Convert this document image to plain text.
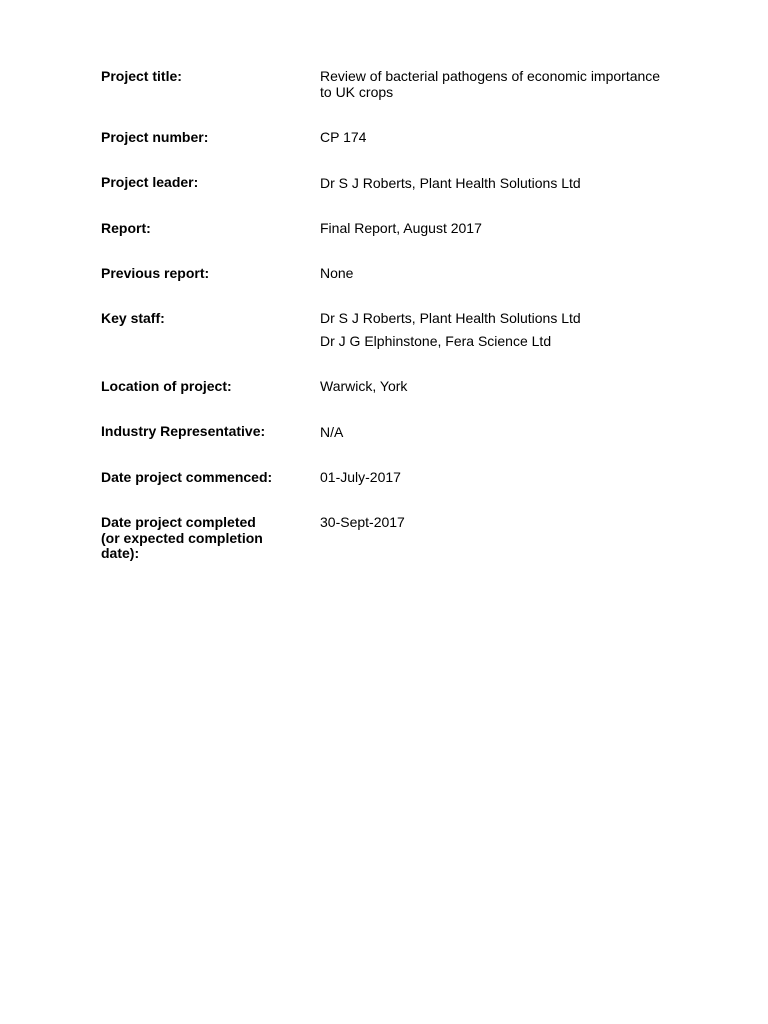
Project title:	Review of bacterial pathogens of economic importance
to UK crops
Project number:	CP 174
Project leader:	Dr S J Roberts, Plant Health Solutions Ltd
Report:	Final Report, August 2017
Previous report:	None
Key staff:	Dr S J Roberts, Plant Health Solutions Ltd
Dr J G Elphinstone, Fera Science Ltd
Location of project:	Warwick, York
Industry Representative:	N/A
Date project commenced:	01-July-2017
Date project completed
(or expected completion
date):
30-Sept-2017
